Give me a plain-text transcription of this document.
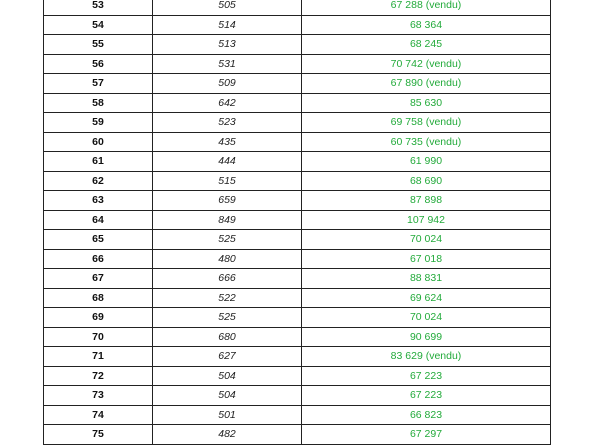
53	505	67 288 (vendu)
54	514	68 364
55	513	68 245
56	531	70 742 (vendu)
57	509	67 890 (vendu)
58	642	85 630
59	523	69 758 (vendu)
60	435	60 735 (vendu)
61	444	61 990
62	515	68 690
63	659	87 898
64	849	107 942
65	525	70 024
66	480	67 018
67	666	88 831
68	522	69 624
69	525	70 024
70	680	90 699
71	627	83 629 (vendu)
72	504	67 223
73	504	67 223
74	501	66 823
75	482	67 297
